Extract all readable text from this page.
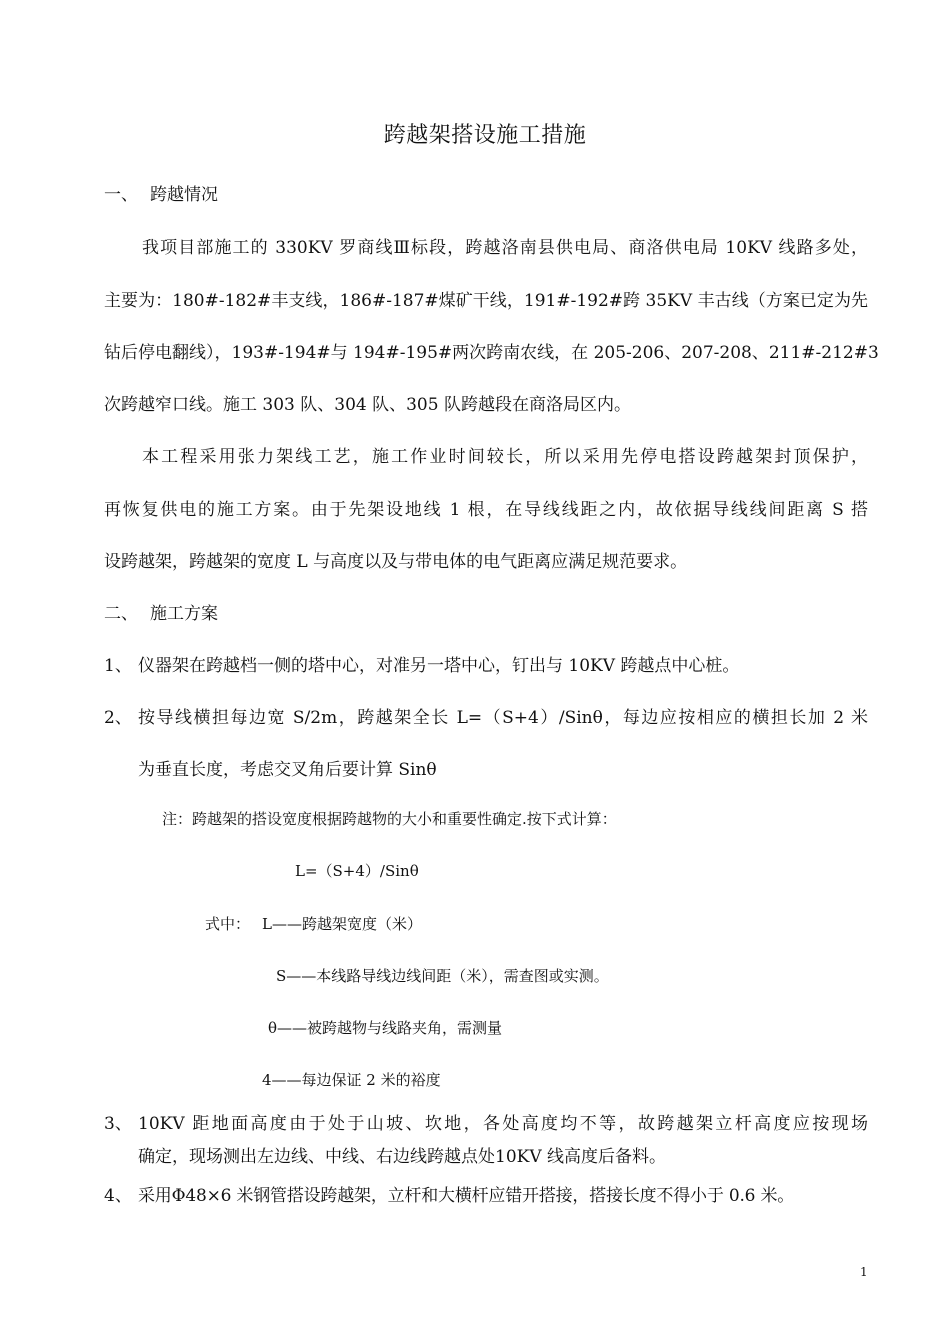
跨越架搭设施工措施
一、 跨越情况
我项目部施工的 330KV 罗商线Ⅲ标段，跨越洛南县供电局、商洛供电局 10KV 线路多处，
主要为：180#-182#丰支线，186#-187#煤矿干线，191#-192#跨 35KV 丰古线（方案已定为先
钻后停电翻线），193#-194#与 194#-195#两次跨南农线，在 205-206、207-208、211#-212#3
次跨越窄口线。施工 303 队、304 队、305 队跨越段在商洛局区内。
本工程采用张力架线工艺，施工作业时间较长，所以采用先停电搭设跨越架封顶保护，
再恢复供电的施工方案。由于先架设地线 1 根，在导线线距之内，故依据导线线间距离 S 搭
设跨越架，跨越架的宽度 L 与高度以及与带电体的电气距离应满足规范要求。
二、 施工方案
1、 仪器架在跨越档一侧的塔中心，对准另一塔中心，钉出与 10KV 跨越点中心桩。
2、 按导线横担每边宽 S/2m，跨越架全长 L=（S+4）/Sinθ，每边应按相应的横担长加 2 米
为垂直长度，考虑交叉角后要计算 Sinθ
注：跨越架的搭设宽度根据跨越物的大小和重要性确定.按下式计算：
L=（S+4）/Sinθ
式中： L——跨越架宽度（米）
S——本线路导线边线间距（米），需查图或实测。
θ——被跨越物与线路夹角，需测量
4——每边保证 2 米的裕度
3、 10KV 距地面高度由于处于山坡、坎地，各处高度均不等，故跨越架立杆高度应按现场
确定，现场测出左边线、中线、右边线跨越点处10KV 线高度后备料。
4、 采用Φ48×6 米钢管搭设跨越架，立杆和大横杆应错开搭接，搭接长度不得小于 0.6 米。
1
